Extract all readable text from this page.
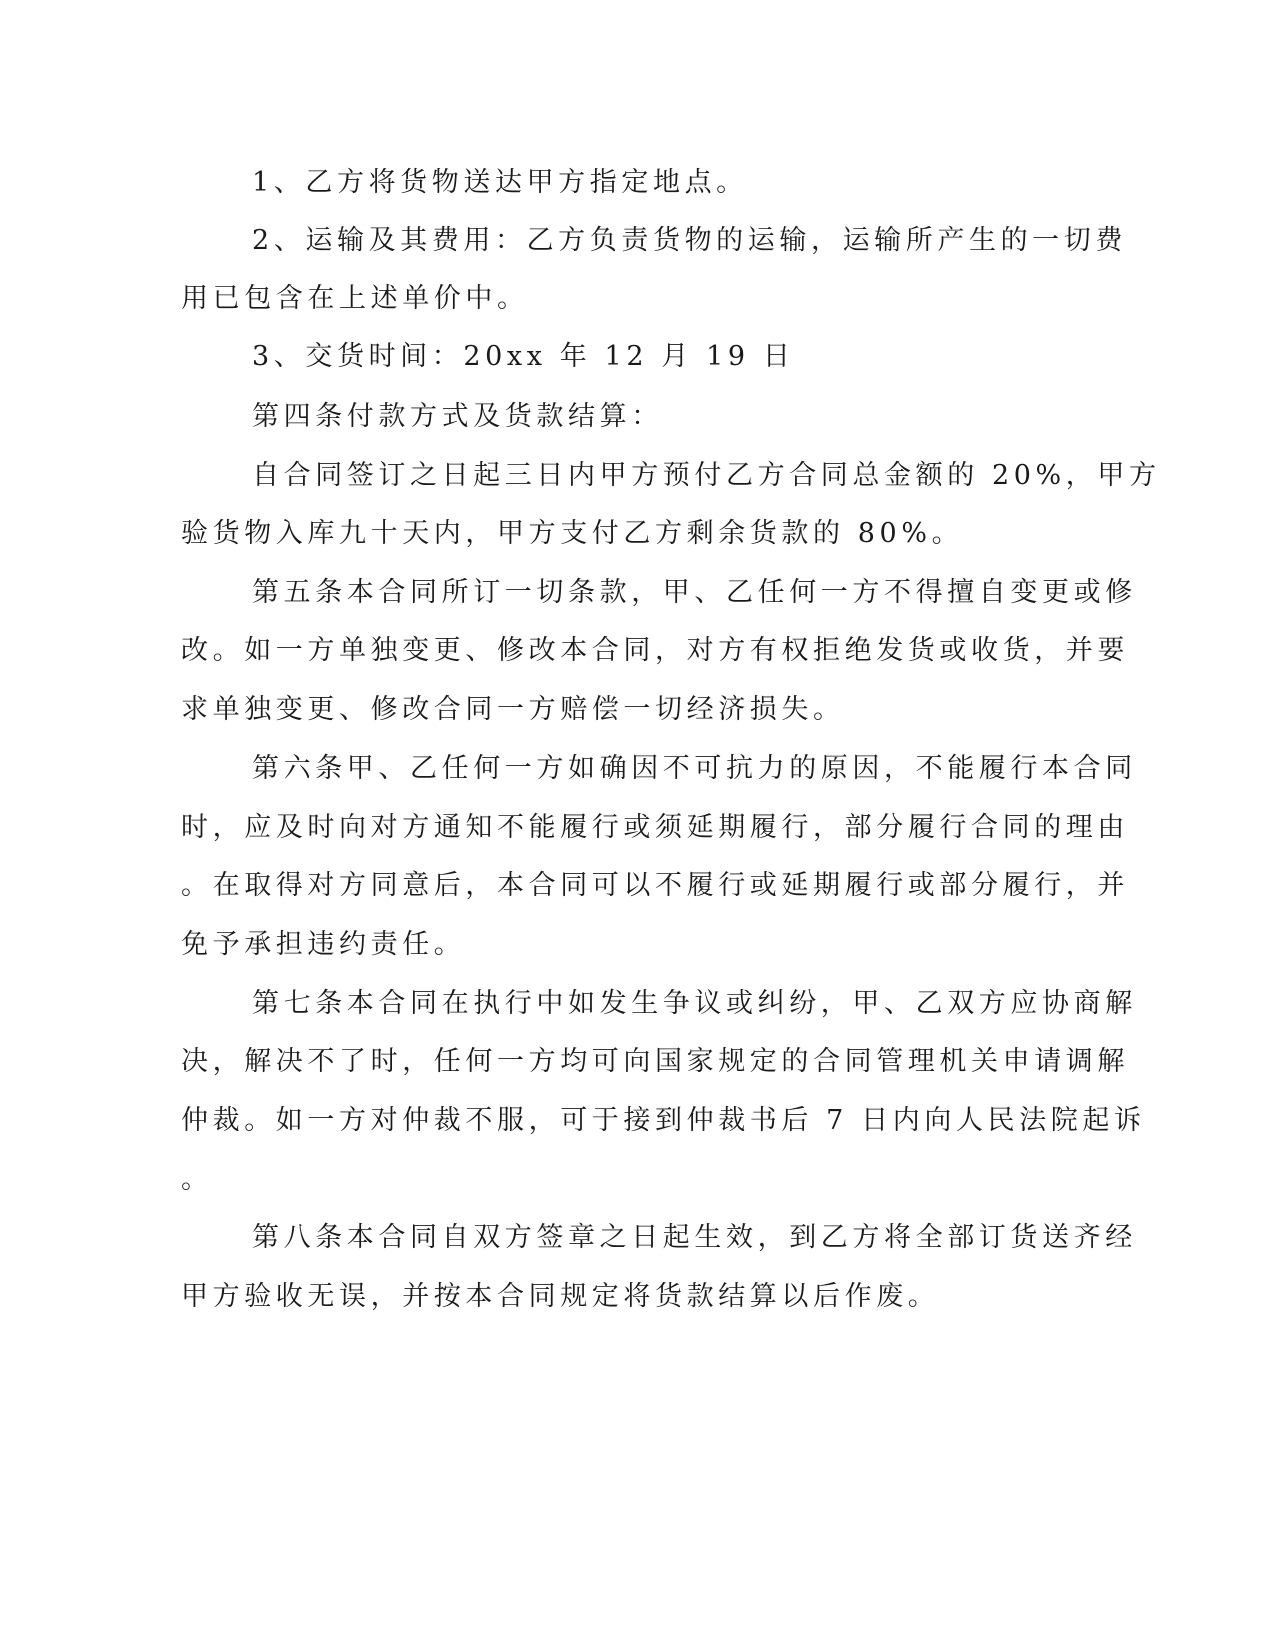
1、乙方将货物送达甲方指定地点。
2、运输及其费用：乙方负责货物的运输，运输所产生的一切费
用已包含在上述单价中。
3、交货时间：20xx 年 12 月 19 日
第四条付款方式及货款结算：
自合同签订之日起三日内甲方预付乙方合同总金额的 20%，甲方
验货物入库九十天内，甲方支付乙方剩余货款的 80%。
第五条本合同所订一切条款，甲、乙任何一方不得擅自变更或修
改。如一方单独变更、修改本合同，对方有权拒绝发货或收货，并要
求单独变更、修改合同一方赔偿一切经济损失。
第六条甲、乙任何一方如确因不可抗力的原因，不能履行本合同
时，应及时向对方通知不能履行或须延期履行，部分履行合同的理由
。在取得对方同意后，本合同可以不履行或延期履行或部分履行，并
免予承担违约责任。
第七条本合同在执行中如发生争议或纠纷，甲、乙双方应协商解
决，解决不了时，任何一方均可向国家规定的合同管理机关申请调解
仲裁。如一方对仲裁不服，可于接到仲裁书后 7 日内向人民法院起诉
。
第八条本合同自双方签章之日起生效，到乙方将全部订货送齐经
甲方验收无误，并按本合同规定将货款结算以后作废。
